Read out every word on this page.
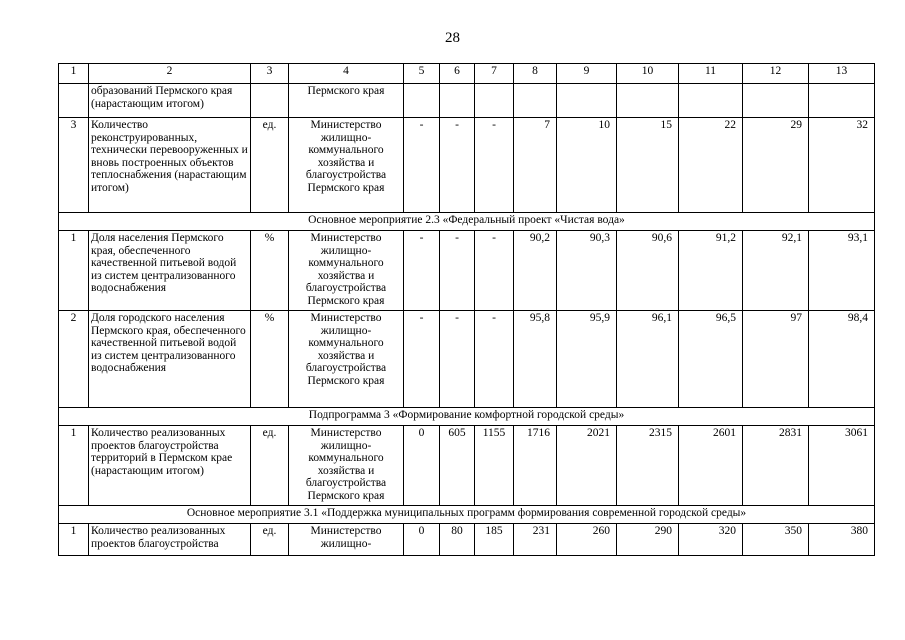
28
1	2	3	4	5	6	7	8	9	10	11	12	13
	образований Пермского края (нарастающим итогом)		Пермского края									
3	Количество реконструированных, технически перевооруженных и вновь построенных объектов теплоснабжения (нарастающим итогом)	ед.	Министерство жилищно-коммунального хозяйства и благоустройства Пермского края	-	-	-	7	10	15	22	29	32
Основное мероприятие 2.3 «Федеральный проект «Чистая вода»												
1	Доля населения Пермского края, обеспеченного качественной питьевой водой из систем централизованного водоснабжения	%	Министерство жилищно-коммунального хозяйства и благоустройства Пермского края	-	-	-	90,2	90,3	90,6	91,2	92,1	93,1
2	Доля городского населения Пермского края, обеспеченного качественной питьевой водой из систем централизованного водоснабжения	%	Министерство жилищно-коммунального хозяйства и благоустройства Пермского края	-	-	-	95,8	95,9	96,1	96,5	97	98,4
Подпрограмма 3 «Формирование комфортной городской среды»												
1	Количество реализованных проектов благоустройства территорий в Пермском крае (нарастающим итогом)	ед.	Министерство жилищно-коммунального хозяйства и благоустройства Пермского края	0	605	1155	1716	2021	2315	2601	2831	3061
Основное мероприятие 3.1 «Поддержка муниципальных программ формирования современной городской среды»												
1	Количество реализованных проектов благоустройства	ед.	Министерство жилищно-	0	80	185	231	260	290	320	350	380
